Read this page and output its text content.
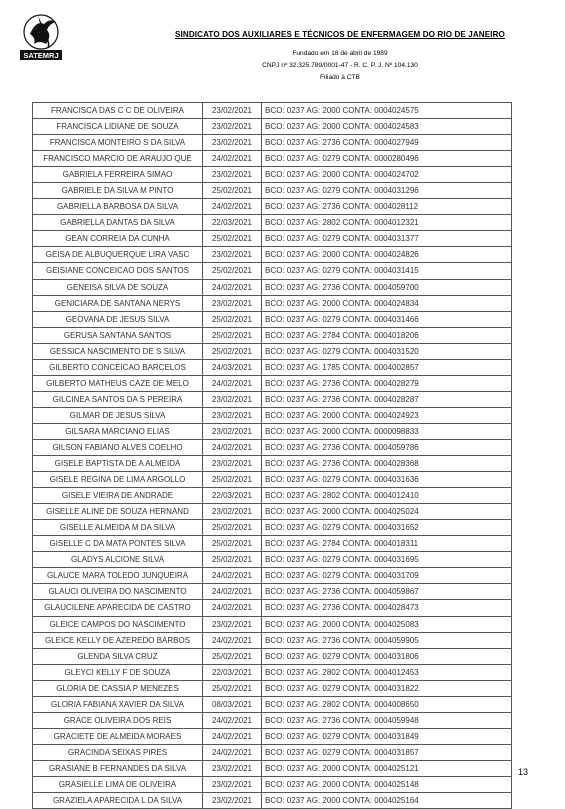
SATEMRJ
SINDICATO DOS AUXILIARES E TÉCNICOS DE ENFERMAGEM DO RIO DE JANEIRO
Fundado em 18 de abril de 1989
CNPJ nº 32.325.789/0001-47 - R. C. P. J. Nº 104.130
Filiado à CTB
FRANCISCA DAS C C DE OLIVEIRA	23/02/2021	BCO: 0237 AG: 2000 CONTA: 0004024575
FRANCISCA LIDIANE DE SOUZA	23/02/2021	BCO: 0237 AG: 2000 CONTA: 0004024583
FRANCISCA MONTEIRO S DA SILVA	23/02/2021	BCO: 0237 AG: 2736 CONTA: 0004027949
FRANCISCO MARCIO DE ARAUJO QUE	24/02/2021	BCO: 0237 AG: 0279 CONTA: 0000280496
GABRIELA FERREIRA SIMAO	23/02/2021	BCO: 0237 AG: 2000 CONTA: 0004024702
GABRIELE DA SILVA M PINTO	25/02/2021	BCO: 0237 AG: 0279 CONTA: 0004031296
GABRIELLA BARBOSA DA SILVA	24/02/2021	BCO: 0237 AG: 2736 CONTA: 0004028112
GABRIELLA DANTAS DA SILVA	22/03/2021	BCO: 0237 AG: 2802 CONTA: 0004012321
GEAN CORREIA DA CUNHA	25/02/2021	BCO: 0237 AG: 0279 CONTA: 0004031377
GEISA DE ALBUQUERQUE LIRA VASC	23/02/2021	BCO: 0237 AG: 2000 CONTA: 0004024826
GEISIANE CONCEICAO DOS SANTOS	25/02/2021	BCO: 0237 AG: 0279 CONTA: 0004031415
GENEISA SILVA DE SOUZA	24/02/2021	BCO: 0237 AG: 2736 CONTA: 0004059700
GENICIARA DE SANTANA NERYS	23/02/2021	BCO: 0237 AG: 2000 CONTA: 0004024834
GEOVANA DE JESUS SILVA	25/02/2021	BCO: 0237 AG: 0279 CONTA: 0004031466
GERUSA SANTANA SANTOS	25/02/2021	BCO: 0237 AG: 2784 CONTA: 0004018206
GESSICA NASCIMENTO DE S SILVA	25/02/2021	BCO: 0237 AG: 0279 CONTA: 0004031520
GILBERTO CONCEICAO BARCELOS	24/03/2021	BCO: 0237 AG: 1785 CONTA: 0004002857
GILBERTO MATHEUS CAZE DE MELO	24/02/2021	BCO: 0237 AG: 2736 CONTA: 0004028279
GILCINEA SANTOS DA S PEREIRA	23/02/2021	BCO: 0237 AG: 2736 CONTA: 0004028287
GILMAR DE JESUS SILVA	23/02/2021	BCO: 0237 AG: 2000 CONTA: 0004024923
GILSARA MARCIANO ELIAS	23/02/2021	BCO: 0237 AG: 2000 CONTA: 0000098833
GILSON FABIANO ALVES COELHO	24/02/2021	BCO: 0237 AG: 2736 CONTA: 0004059786
GISELE BAPTISTA DE A ALMEIDA	23/02/2021	BCO: 0237 AG: 2736 CONTA: 0004028368
GISELE REGINA DE LIMA ARGOLLO	25/02/2021	BCO: 0237 AG: 0279 CONTA: 0004031636
GISELE VIEIRA DE ANDRADE	22/03/2021	BCO: 0237 AG: 2802 CONTA: 0004012410
GISELLE ALINE DE SOUZA HERNAND	23/02/2021	BCO: 0237 AG: 2000 CONTA: 0004025024
GISELLE ALMEIDA M DA SILVA	25/02/2021	BCO: 0237 AG: 0279 CONTA: 0004031652
GISELLE C DA MATA PONTES SILVA	25/02/2021	BCO: 0237 AG: 2784 CONTA: 0004018311
GLADYS ALCIONE SILVA	25/02/2021	BCO: 0237 AG: 0279 CONTA: 0004031695
GLAUCE MARA TOLEDO JUNQUEIRA	24/02/2021	BCO: 0237 AG: 0279 CONTA: 0004031709
GLAUCI OLIVEIRA DO NASCIMENTO	24/02/2021	BCO: 0237 AG: 2736 CONTA: 0004059867
GLAUCILENE APARECIDA DE CASTRO	24/02/2021	BCO: 0237 AG: 2736 CONTA: 0004028473
GLEICE CAMPOS DO NASCIMENTO	23/02/2021	BCO: 0237 AG: 2000 CONTA: 0004025083
GLEICE KELLY DE AZEREDO BARBOS	24/02/2021	BCO: 0237 AG: 2736 CONTA: 0004059905
GLENDA SILVA CRUZ	25/02/2021	BCO: 0237 AG: 0279 CONTA: 0004031806
GLEYCI KELLY F DE SOUZA	22/03/2021	BCO: 0237 AG: 2802 CONTA: 0004012453
GLORIA DE CASSIA P MENEZES	25/02/2021	BCO: 0237 AG: 0279 CONTA: 0004031822
GLORIA FABIANA XAVIER DA SILVA	08/03/2021	BCO: 0237 AG: 2802 CONTA: 0004008650
GRACE OLIVEIRA DOS REIS	24/02/2021	BCO: 0237 AG: 2736 CONTA: 0004059948
GRACIETE DE ALMEIDA MORAES	24/02/2021	BCO: 0237 AG: 0279 CONTA: 0004031849
GRACINDA SEIXAS PIRES	24/02/2021	BCO: 0237 AG: 0279 CONTA: 0004031857
GRASIANE B FERNANDES DA SILVA	23/02/2021	BCO: 0237 AG: 2000 CONTA: 0004025121
GRASIELLE LIMA DE OLIVEIRA	23/02/2021	BCO: 0237 AG: 2000 CONTA: 0004025148
GRAZIELA APARECIDA L DA SILVA	23/02/2021	BCO: 0237 AG: 2000 CONTA: 0004025164
13
